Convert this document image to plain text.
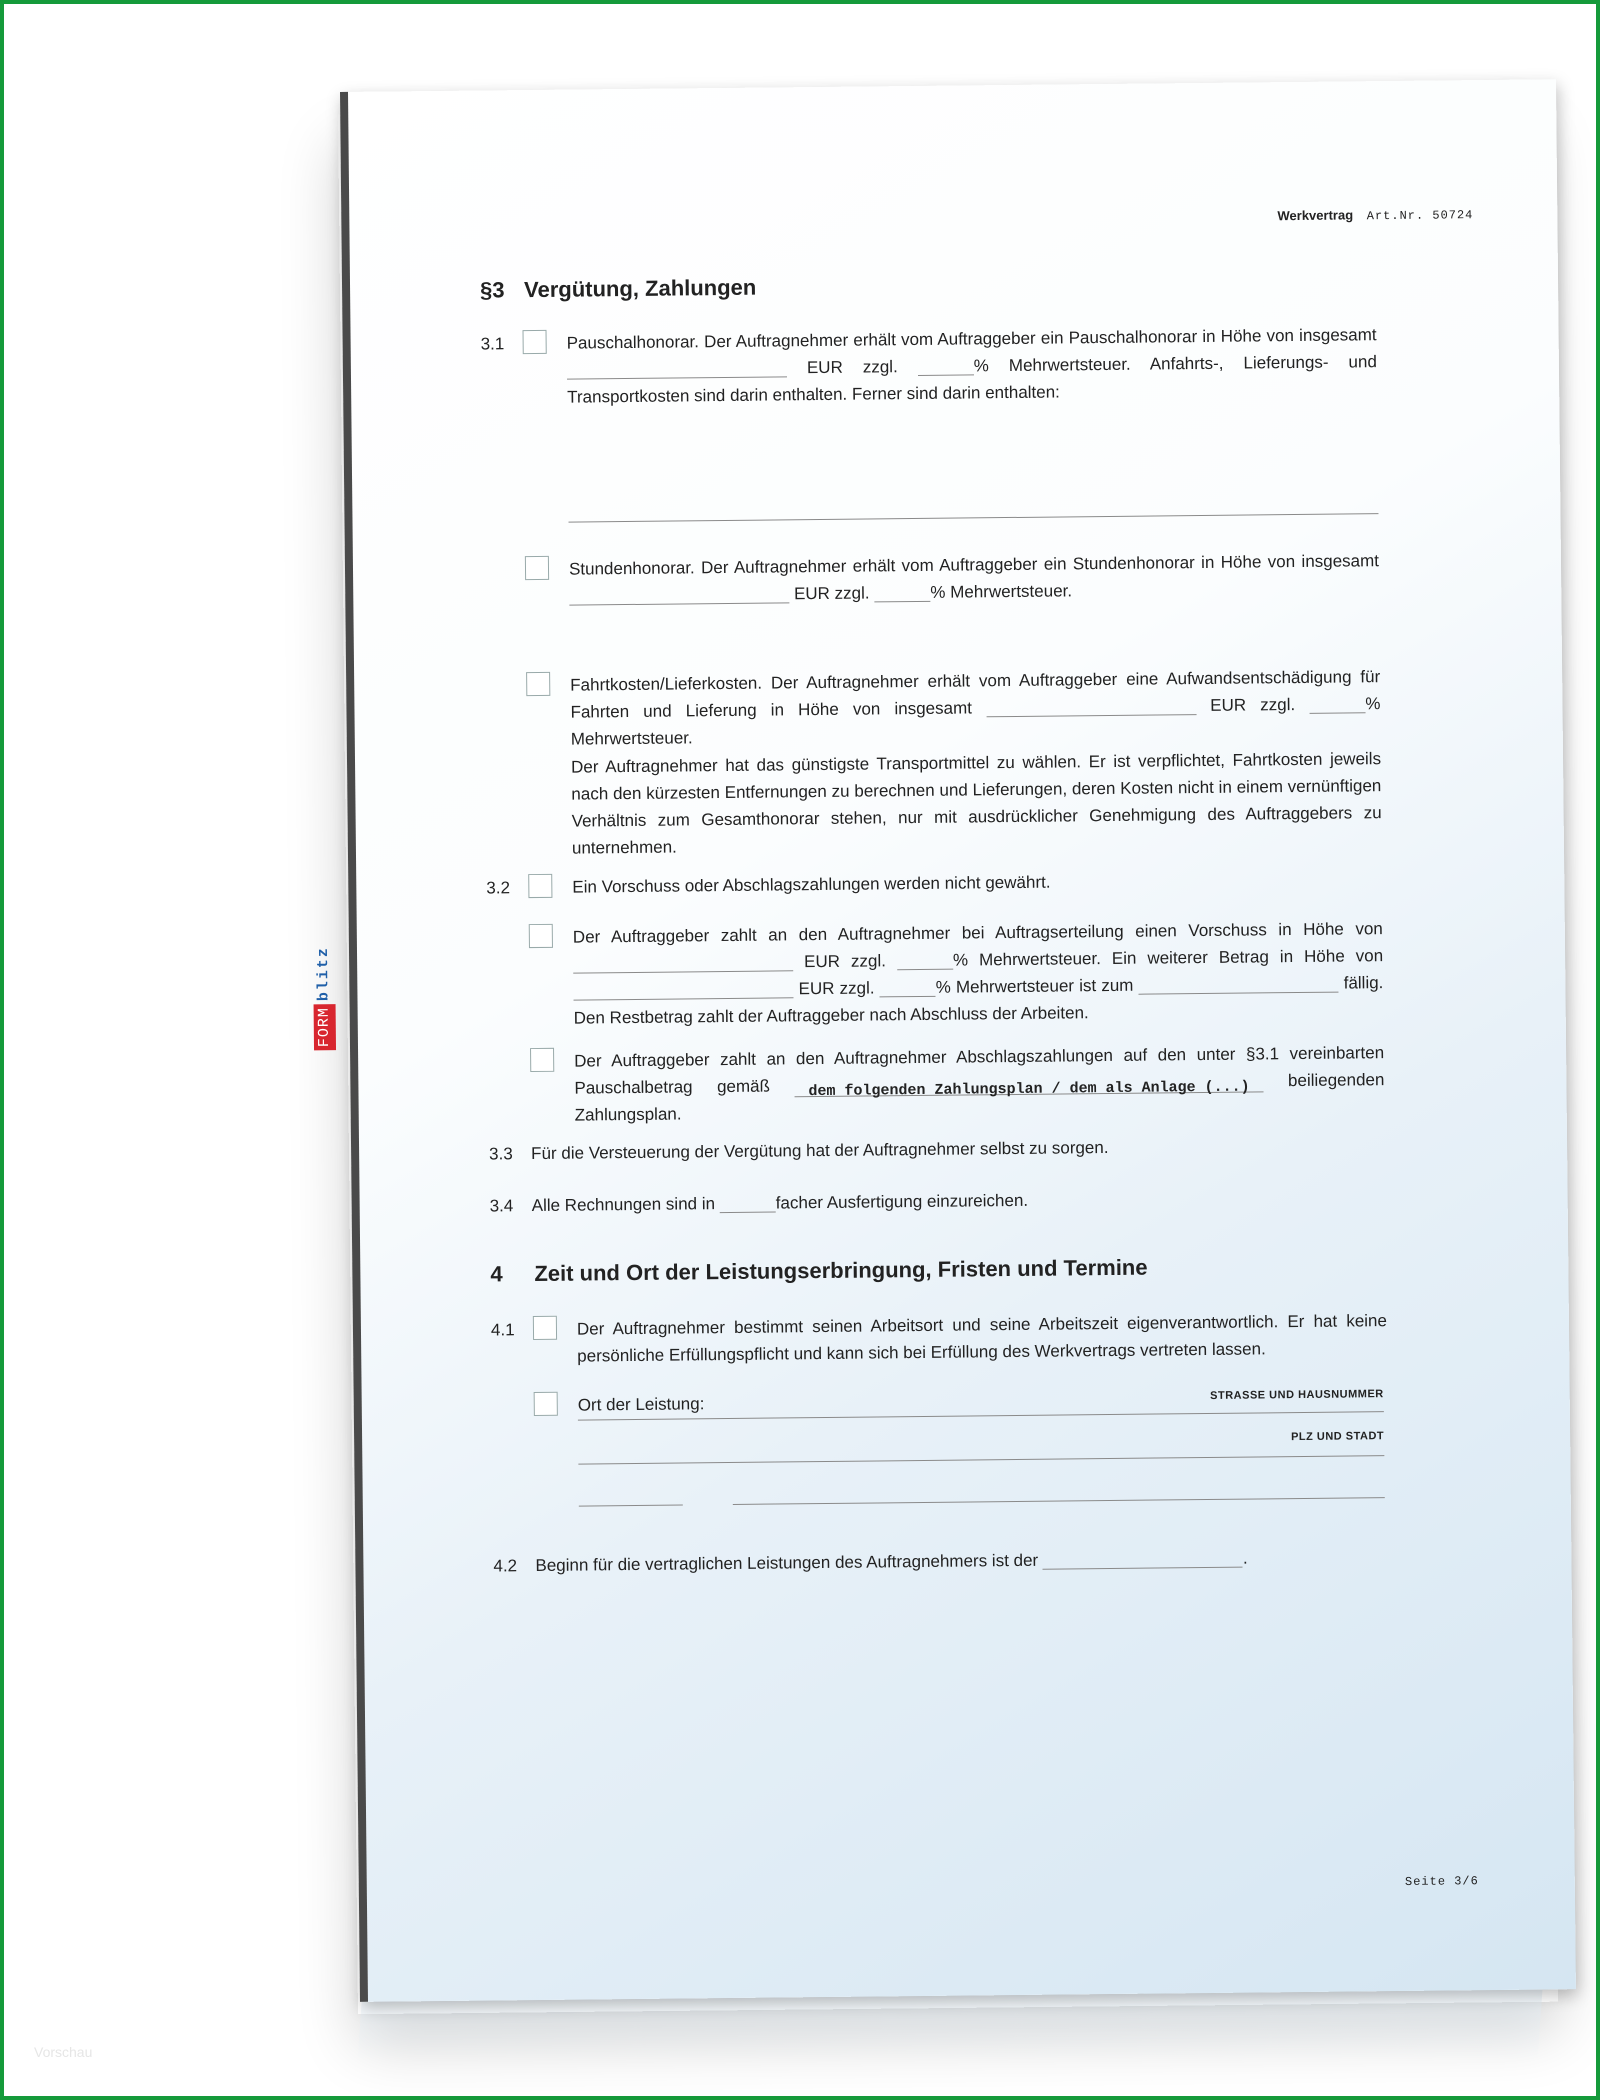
Vorschau
Werkvertrag Art.Nr. 50724
FORM
blitz
§3 Vergütung, Zahlungen
3.1	Pauschalhonorar. Der Auftragnehmer erhält vom Auftraggeber ein Pauschalhonorar in Höhe von insgesamt  EUR zzgl.	% Mehrwertsteuer. Anfahrts-, Lieferungs- und Transportkosten sind darin enthalten. Ferner sind darin enthalten:
Stundenhonorar. Der Auftragnehmer erhält vom Auftraggeber ein Stundenhonorar in Höhe von insgesamt  EUR zzgl.	% Mehrwertsteuer.
Fahrtkosten/Lieferkosten. Der Auftragnehmer erhält vom Auftraggeber eine Aufwandsentschädigung für Fahrten und Lieferung in Höhe von insgesamt	EUR zzgl.	% Mehrwertsteuer.
Der Auftragnehmer hat das günstigste Transportmittel zu wählen. Er ist verpflichtet, Fahrtkosten jeweils nach den kürzesten Entfernungen zu berechnen und Lieferungen, deren Kosten nicht in einem vernünftigen Verhältnis zum Gesamthonorar stehen, nur mit ausdrücklicher Genehmigung des Auftraggebers zu unternehmen.
3.2	Ein Vorschuss oder Abschlagszahlungen werden nicht gewährt.
Der Auftraggeber zahlt an den Auftragnehmer bei Auftragserteilung einen Vorschuss in Höhe von  EUR zzgl.	% Mehrwertsteuer. Ein weiterer Betrag in Höhe von  EUR zzgl.	% Mehrwertsteuer ist zum	fällig. Den Restbetrag zahlt der Auftraggeber nach Abschluss der Arbeiten.
Der Auftraggeber zahlt an den Auftragnehmer Abschlagszahlungen auf den unter §3.1 vereinbarten Pauschalbetrag gemäß	dem folgenden Zahlungsplan / dem als Anlage (...) beiliegenden Zahlungsplan.
3.3 Für die Versteuerung der Vergütung hat der Auftragnehmer selbst zu sorgen.
3.4 Alle Rechnungen sind in	facher Ausfertigung einzureichen.
4 Zeit und Ort der Leistungserbringung, Fristen und Termine
4.1	Der Auftragnehmer bestimmt seinen Arbeitsort und seine Arbeitszeit eigenverantwortlich. Er hat keine persönliche Erfüllungspflicht und kann sich bei Erfüllung des Werkvertrags vertreten lassen.
Ort der Leistung:	STRASSE UND HAUSNUMMER
PLZ UND STADT
4.2 Beginn für die vertraglichen Leistungen des Auftragnehmers ist der	.
Seite 3/6
